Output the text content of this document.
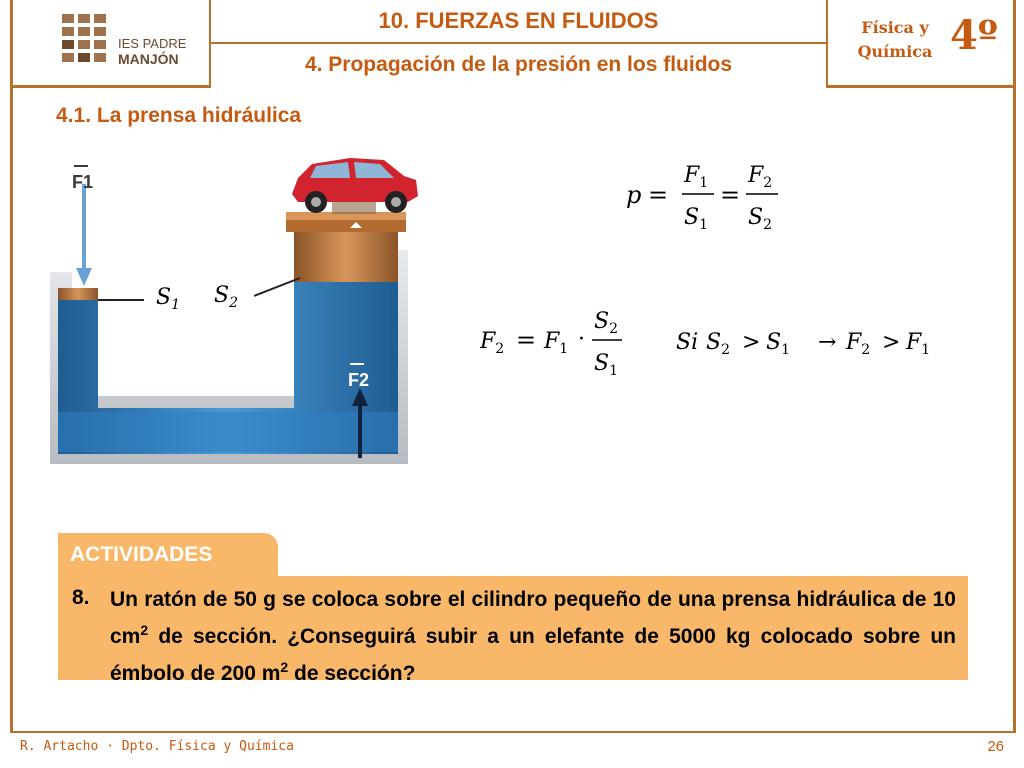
IES PADRE
MANJÓN
10. FUERZAS EN FLUIDOS
4. Propagación de la presión en los fluidos
Física y
Química 4º
4.1. La prensa hidráulica
F1
F2
$S_1$ $S_2$
p =
$F_1$
$S_1$
=
$F_2$
$S_2$
$F_2 = F_1$ ·
$S_2$
$S_1$
Si $S_2 > S_1 \to F_2 > F_1$
ACTIVIDADES
8. Un ratón de 50 g se coloca sobre el cilindro pequeño de una prensa hidráulica de 10 $cm^2$ de sección. ¿Conseguirá subir a un elefante de 5000 kg colocado sobre un émbolo de 200 $m^2$ de sección?
R. Artacho · Dpto. Física y Química	26
